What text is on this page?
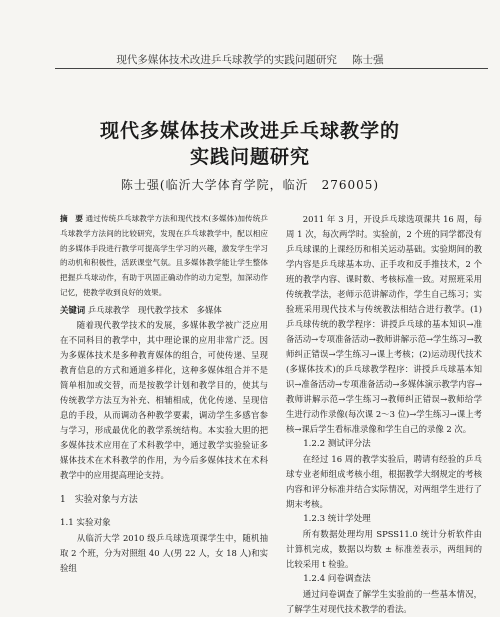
现代多媒体技术改进乒乓球教学的实践问题研究 陈士强
现代多媒体技术改进乒乓球教学的
实践问题研究
陈士强(临沂大学体育学院，临沂　276005)

摘　要 通过传统乒乓球教学方法和现代技术(多媒体)加传统乒乓球教学方法间的比较研究，发现在乒乓球教学中，配以相应的多媒体手段进行教学可提高学生学习的兴趣，激发学生学习的动机和积极性，活跃课堂气氛。且多媒体教学能让学生整体把握乒乓球动作，有助于巩固正确动作的动力定型，加深动作记忆，使教学收到良好的效果。

关键词 乒乓球教学　现代教学技术　多媒体

随着现代教学技术的发展，多媒体教学被广泛应用在不同科目的教学中，其中理论课的应用非常广泛。因为多媒体技术是多种教育媒体的组合，可使传递、呈现教育信息的方式和通道多样化，这种多媒体组合并不是简单相加或交替，而是按教学计划和教学目的，使其与传统教学方法互为补充、相辅相成，优化传递、呈现信息的手段，从而调动各种教学要素，调动学生多感官参与学习，形成最优化的教学系统结构。本实验大胆的把多媒体技术应用在了术科教学中，通过教学实验验证多媒体技术在术科教学的作用，为今后多媒体技术在术科教学中的应用提高理论支持。

1　实验对象与方法

1.1 实验对象

从临沂大学 2010 级乒乓球选项课学生中，随机抽取 2 个班，分为对照组 40 人(男 22 人，女 18 人)和实验组

2011 年 3 月，开设乒乓球选项课共 16 周，每周 1 次，每次两学时。实验前，2 个班的同学都没有乒乓球课的上课经历和相关运动基础。实验期间的教学内容是乒乓球基本功、正手攻和反手推技术，2 个班的教学内容、课时数、考核标准一致。对照班采用传统教学法，老师示范讲解动作，学生自己练习；实验班采用现代技术与传统教法相结合进行教学。(1)乒乓球传统的教学程序：讲授乒乓球的基本知识→准备活动→专项准备活动→教师讲解示范→学生练习→教师纠正错误→学生练习→课上考核；(2)运动现代技术(多媒体技术)的乒乓球教学程序：讲授乒乓球基本知识→准备活动→专项准备活动→多媒体演示教学内容→教师讲解示范→学生练习→教师纠正错误→教师给学生进行动作录像(每次课 2～3 位)→学生练习→课上考核→课后学生看标准录像和学生自己的录像 2 次。

1.2.2 测试评分法

在经过 16 周的教学实验后，聘请有经验的乒乓球专业老师组成考核小组，根据教学大纲规定的考核内容和评分标准并结合实际情况，对两组学生进行了期末考核。

1.2.3 统计学处理

所有数据处理均用 SPSS11.0 统计分析软件由计算机完成，数据以均数 ± 标准差表示，两组间的比较采用 t 检验。

1.2.4 问卷调查法

通过问卷调查了解学生实验前的一些基本情况，了解学生对现代技术教学的看法。
